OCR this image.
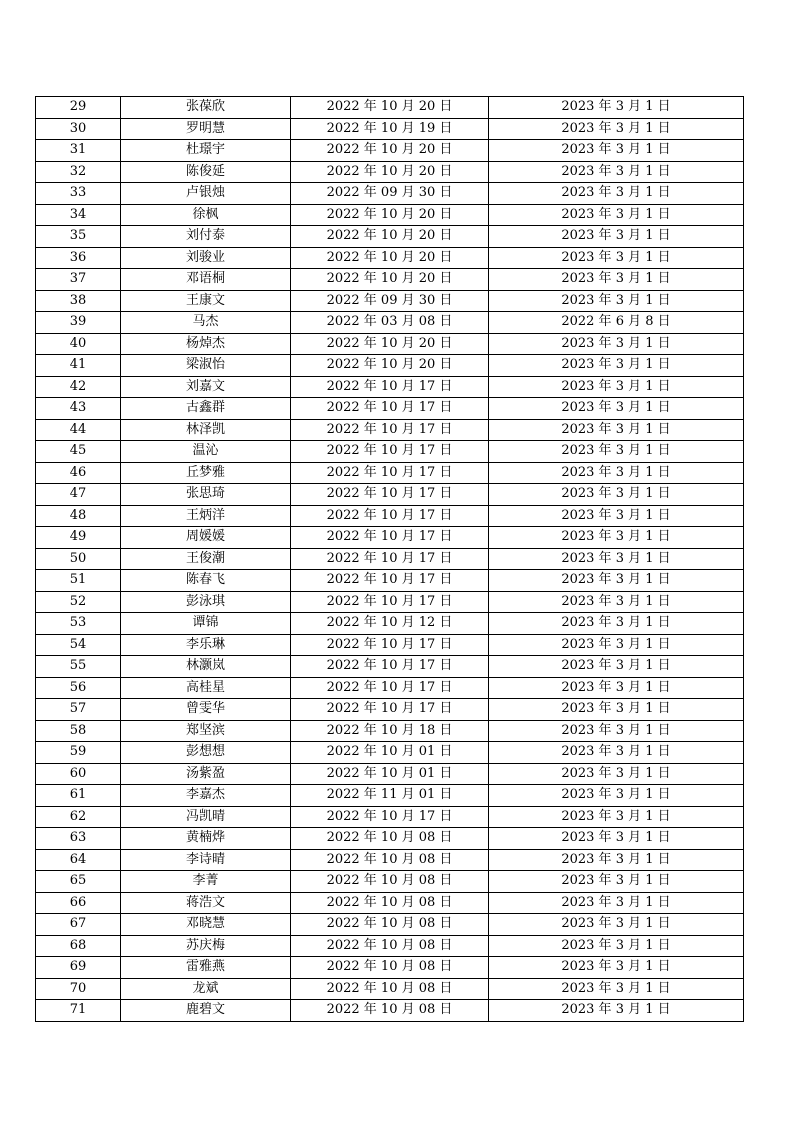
29	张葆欣	2022 年 10 月 20 日	2023 年 3 月 1 日
30	罗明慧	2022 年 10 月 19 日	2023 年 3 月 1 日
31	杜璟宇	2022 年 10 月 20 日	2023 年 3 月 1 日
32	陈俊延	2022 年 10 月 20 日	2023 年 3 月 1 日
33	卢银烛	2022 年 09 月 30 日	2023 年 3 月 1 日
34	徐枫	2022 年 10 月 20 日	2023 年 3 月 1 日
35	刘付泰	2022 年 10 月 20 日	2023 年 3 月 1 日
36	刘骏业	2022 年 10 月 20 日	2023 年 3 月 1 日
37	邓语桐	2022 年 10 月 20 日	2023 年 3 月 1 日
38	王康文	2022 年 09 月 30 日	2023 年 3 月 1 日
39	马杰	2022 年 03 月 08 日	2022 年 6 月 8 日
40	杨焯杰	2022 年 10 月 20 日	2023 年 3 月 1 日
41	梁淑怡	2022 年 10 月 20 日	2023 年 3 月 1 日
42	刘嘉文	2022 年 10 月 17 日	2023 年 3 月 1 日
43	古鑫群	2022 年 10 月 17 日	2023 年 3 月 1 日
44	林泽凯	2022 年 10 月 17 日	2023 年 3 月 1 日
45	温沁	2022 年 10 月 17 日	2023 年 3 月 1 日
46	丘梦雅	2022 年 10 月 17 日	2023 年 3 月 1 日
47	张思琦	2022 年 10 月 17 日	2023 年 3 月 1 日
48	王炳洋	2022 年 10 月 17 日	2023 年 3 月 1 日
49	周媛媛	2022 年 10 月 17 日	2023 年 3 月 1 日
50	王俊潮	2022 年 10 月 17 日	2023 年 3 月 1 日
51	陈春飞	2022 年 10 月 17 日	2023 年 3 月 1 日
52	彭泳琪	2022 年 10 月 17 日	2023 年 3 月 1 日
53	谭锦	2022 年 10 月 12 日	2023 年 3 月 1 日
54	李乐琳	2022 年 10 月 17 日	2023 年 3 月 1 日
55	林灏岚	2022 年 10 月 17 日	2023 年 3 月 1 日
56	高桂星	2022 年 10 月 17 日	2023 年 3 月 1 日
57	曾雯华	2022 年 10 月 17 日	2023 年 3 月 1 日
58	郑坚滨	2022 年 10 月 18 日	2023 年 3 月 1 日
59	彭想想	2022 年 10 月 01 日	2023 年 3 月 1 日
60	汤紫盈	2022 年 10 月 01 日	2023 年 3 月 1 日
61	李嘉杰	2022 年 11 月 01 日	2023 年 3 月 1 日
62	冯凯晴	2022 年 10 月 17 日	2023 年 3 月 1 日
63	黄楠烨	2022 年 10 月 08 日	2023 年 3 月 1 日
64	李诗晴	2022 年 10 月 08 日	2023 年 3 月 1 日
65	李菁	2022 年 10 月 08 日	2023 年 3 月 1 日
66	蒋浩文	2022 年 10 月 08 日	2023 年 3 月 1 日
67	邓晓慧	2022 年 10 月 08 日	2023 年 3 月 1 日
68	苏庆梅	2022 年 10 月 08 日	2023 年 3 月 1 日
69	雷雅燕	2022 年 10 月 08 日	2023 年 3 月 1 日
70	龙斌	2022 年 10 月 08 日	2023 年 3 月 1 日
71	鹿碧文	2022 年 10 月 08 日	2023 年 3 月 1 日
